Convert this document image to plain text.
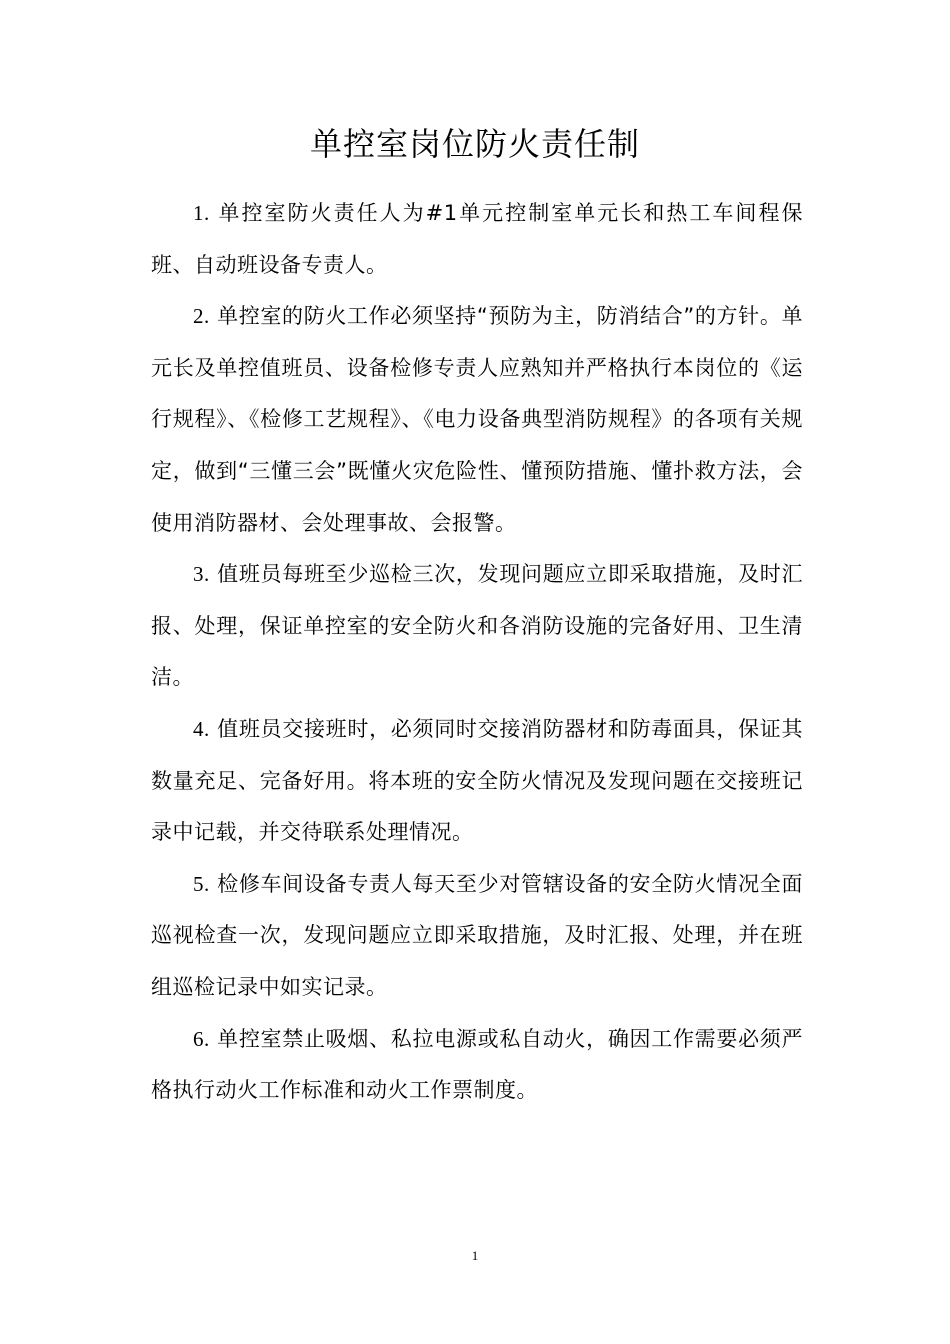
单控室岗位防火责任制

1. 单控室防火责任人为#1单元控制室单元长和热工车间程保班、自动班设备专责人。

2. 单控室的防火工作必须坚持“预防为主，防消结合”的方针。单元长及单控值班员、设备检修专责人应熟知并严格执行本岗位的《运行规程》、《检修工艺规程》、《电力设备典型消防规程》的各项有关规定，做到“三懂三会”既懂火灾危险性、懂预防措施、懂扑救方法，会使用消防器材、会处理事故、会报警。

3. 值班员每班至少巡检三次，发现问题应立即采取措施，及时汇报、处理，保证单控室的安全防火和各消防设施的完备好用、卫生清洁。

4. 值班员交接班时，必须同时交接消防器材和防毒面具，保证其数量充足、完备好用。将本班的安全防火情况及发现问题在交接班记录中记载，并交待联系处理情况。

5. 检修车间设备专责人每天至少对管辖设备的安全防火情况全面巡视检查一次，发现问题应立即采取措施，及时汇报、处理，并在班组巡检记录中如实记录。

6. 单控室禁止吸烟、私拉电源或私自动火，确因工作需要必须严格执行动火工作标准和动火工作票制度。

1
